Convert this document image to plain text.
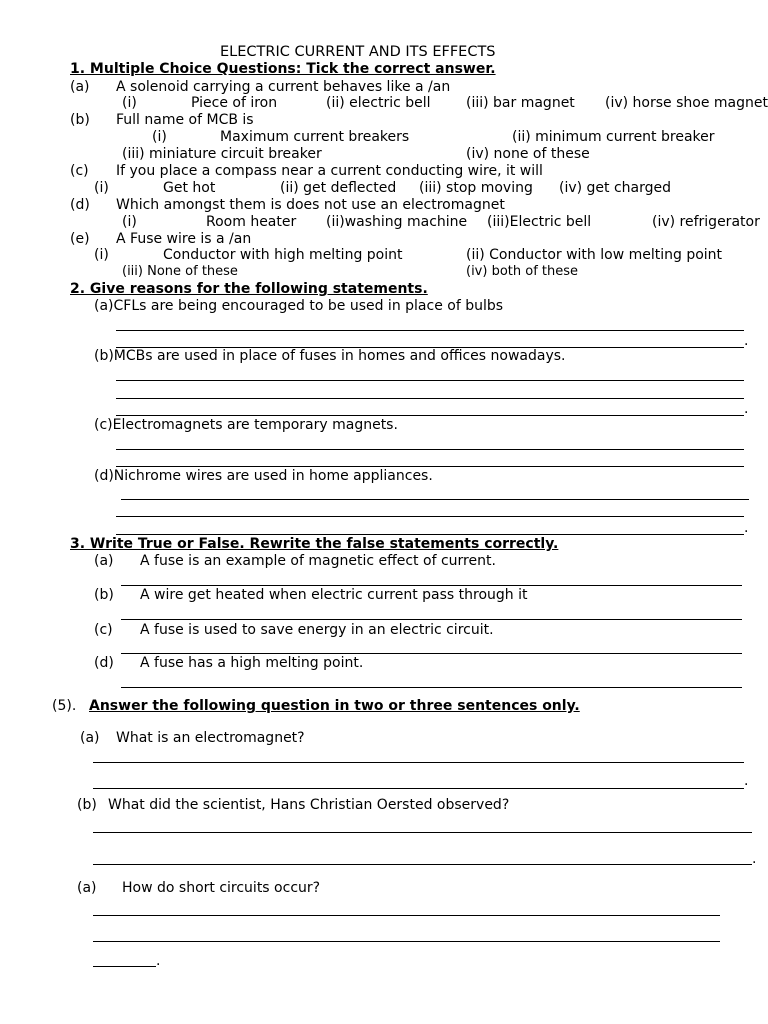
ELECTRIC CURRENT AND ITS EFFECTS
1. Multiple Choice Questions: Tick the correct answer.
(a) A solenoid carrying a current behaves like a /an
(i)	Piece of iron	(ii) electric bell	(iii) bar magnet (iv) horse shoe magnet
(b) Full name of MCB is
(i)	Maximum current breakers	(ii) minimum current breaker
(iii) miniature circuit breaker	(iv) none of these
(c) If you place a compass near a current conducting wire, it will
(i)	Get hot	(ii) get deflected (iii) stop moving (iv) get charged
(d) Which amongst them is does not use an electromagnet
(i)	Room heater (ii)washing machine (iii)Electric bell	(iv) refrigerator
(e) A Fuse wire is a /an
(i)	Conductor with high melting point	(ii) Conductor with low melting point
(iii) None of these	(iv) both of these
2. Give reasons for the following statements.
(a)CFLs are being encouraged to be used in place of bulbs
.
(b)MCBs are used in place of fuses in homes and offices nowadays.
.
(c)Electromagnets are temporary magnets.
(d)Nichrome wires are used in home appliances.
.
3. Write True or False. Rewrite the false statements correctly.
(a) A fuse is an example of magnetic effect of current.
(b) A wire get heated when electric current pass through it
(c) A fuse is used to save energy in an electric circuit.
(d) A fuse has a high melting point.
(5). Answer the following question in two or three sentences only.
(a) What is an electromagnet?
.
(b) What did the scientist, Hans Christian Oersted observed?
.
(a) How do short circuits occur?
.
